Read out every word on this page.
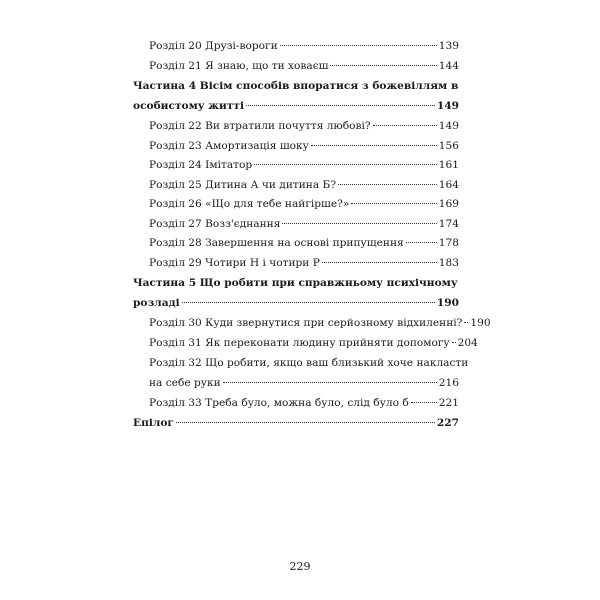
Розділ 20 Друзі-вороги	139
Розділ 21 Я знаю, що ти ховаєш	144
Частина 4 Вісім способів впоратися з божевіллям в
особистому житті	149
Розділ 22 Ви втратили почуття любові?	149
Розділ 23 Амортизація шоку	156
Розділ 24 Імітатор	161
Розділ 25 Дитина А чи дитина Б?	164
Розділ 26 «Що для тебе найгірше?»	169
Розділ 27 Возз'єднання	174
Розділ 28 Завершення на основі припущення	178
Розділ 29 Чотири Н і чотири Р	183
Частина 5 Що робити при справжньому психічному
розладі	190
Розділ 30 Куди звернутися при серйозному відхиленні? 190
Розділ 31 Як переконати людину прийняти допомогу 204
Розділ 32 Що робити, якщо ваш близький хоче накласти
на себе руки	216
Розділ 33 Треба було, можна було, слід було б	221
Епілог	227
229
